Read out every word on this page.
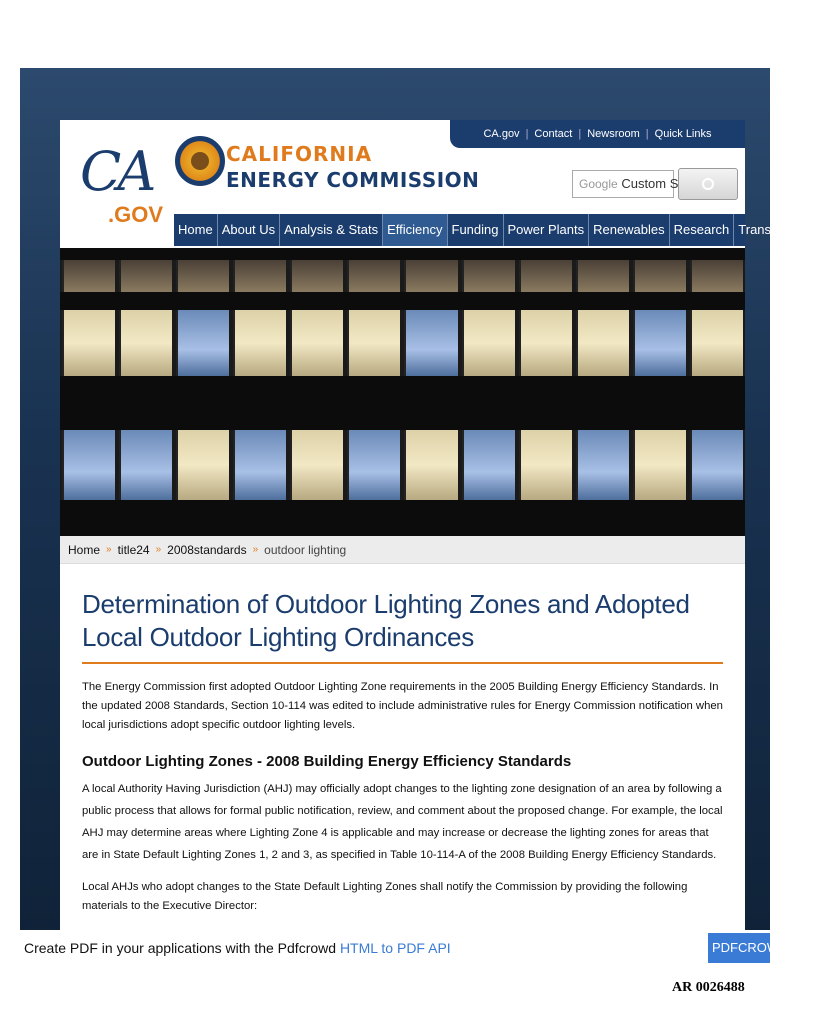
CA
.GOV
CALIFORNIA
ENERGY COMMISSION
CA.gov | Contact | Newsroom | Quick Links
Google Custom S
Home About Us Analysis & Stats Efficiency Funding Power Plants Renewables Research Transportation
Home » title24 » 2008standards » outdoor lighting
Determination of Outdoor Lighting Zones and Adopted Local Outdoor Lighting Ordinances

The Energy Commission first adopted Outdoor Lighting Zone requirements in the 2005 Building Energy Efficiency Standards. In the updated 2008 Standards, Section 10-114 was edited to include administrative rules for Energy Commission notification when local jurisdictions adopt specific outdoor lighting levels.

Outdoor Lighting Zones - 2008 Building Energy Efficiency Standards

A local Authority Having Jurisdiction (AHJ) may officially adopt changes to the lighting zone designation of an area by following a public process that allows for formal public notification, review, and comment about the proposed change. For example, the local AHJ may determine areas where Lighting Zone 4 is applicable and may increase or decrease the lighting zones for areas that are in State Default Lighting Zones 1, 2 and 3, as specified in Table 10-114-A of the 2008 Building Energy Efficiency Standards.

Local AHJs who adopt changes to the State Default Lighting Zones shall notify the Commission by providing the following materials to the Executive Director:

Create PDF in your applications with the Pdfcrowd HTML to PDF API	PDFCROWD
AR 0026488
